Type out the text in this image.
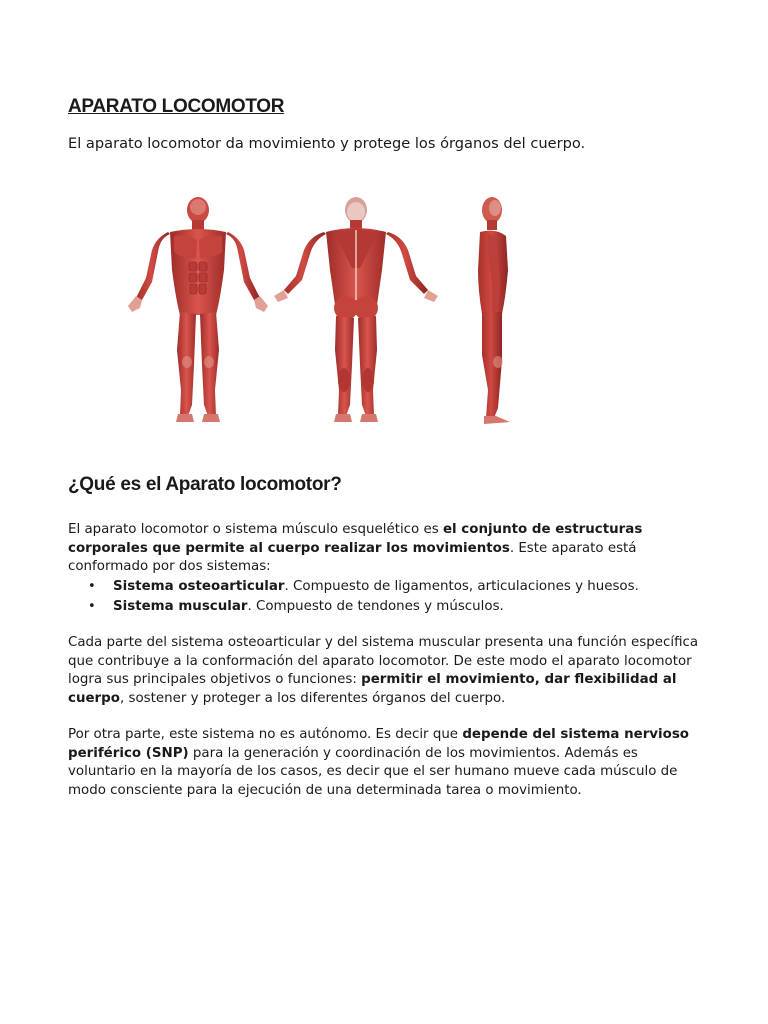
APARATO LOCOMOTOR

El aparato locomotor da movimiento y protege los órganos del cuerpo.

¿Qué es el Aparato locomotor?

El aparato locomotor o sistema músculo esquelético es el conjunto de estructuras corporales que permite al cuerpo realizar los movimientos. Este aparato está conformado por dos sistemas:

• Sistema osteoarticular. Compuesto de ligamentos, articulaciones y huesos.
• Sistema muscular. Compuesto de tendones y músculos.

Cada parte del sistema osteoarticular y del sistema muscular presenta una función específica que contribuye a la conformación del aparato locomotor. De este modo el aparato locomotor logra sus principales objetivos o funciones: permitir el movimiento, dar flexibilidad al cuerpo, sostener y proteger a los diferentes órganos del cuerpo.

Por otra parte, este sistema no es autónomo. Es decir que depende del sistema nervioso periférico (SNP) para la generación y coordinación de los movimientos. Además es voluntario en la mayoría de los casos, es decir que el ser humano mueve cada músculo de modo consciente para la ejecución de una determinada tarea o movimiento.
